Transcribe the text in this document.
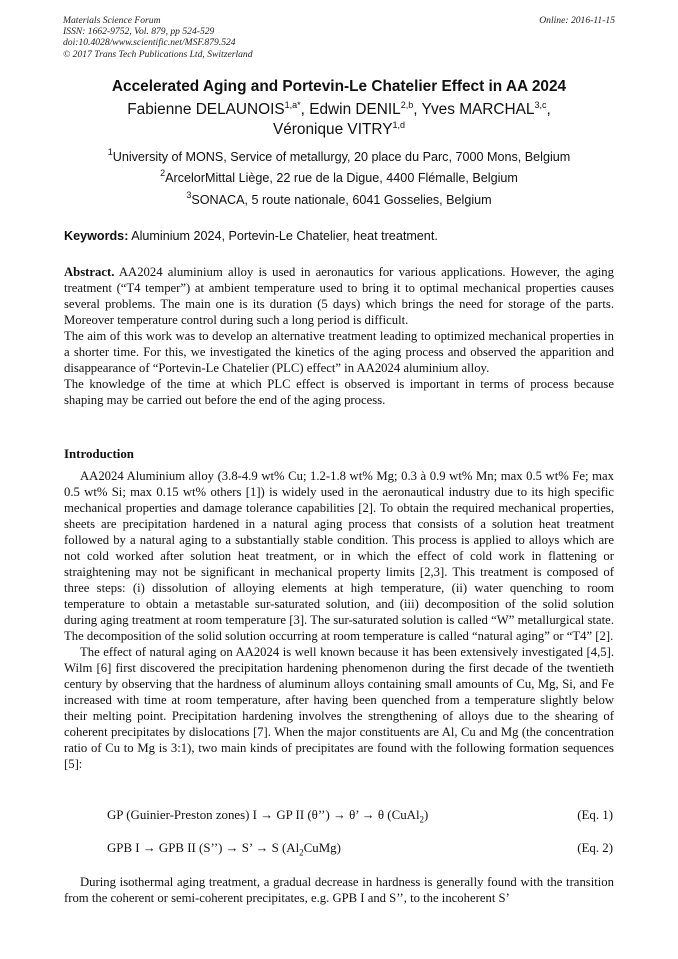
Materials Science Forum	Online: 2016-11-15
ISSN: 1662-9752, Vol. 879, pp 524-529
doi:10.4028/www.scientific.net/MSF.879.524
© 2017 Trans Tech Publications Ltd, Switzerland
Accelerated Aging and Portevin-Le Chatelier Effect in AA 2024
Fabienne $DELAUNOIS^{1,a*}$, Edwin DENIL$^{2,b}$, Yves MARCHAL$^{3,c}$,
Véronique VITRY$^{1,d}$
$^1$University of MONS, Service of metallurgy, 20 place du Parc, 7000 Mons, Belgium
$^2$ArcelorMittal Liège, 22 rue de la Digue, 4400 Flémalle, Belgium
$^3$SONACA, 5 route nationale, 6041 Gosselies, Belgium
Keywords: Aluminium 2024, Portevin-Le Chatelier, heat treatment.

Abstract. AA2024 aluminium alloy is used in aeronautics for various applications. However, the aging treatment (“T4 temper”) at ambient temperature used to bring it to optimal mechanical properties causes several problems. The main one is its duration (5 days) which brings the need for storage of the parts. Moreover temperature control during such a long period is difficult.

The aim of this work was to develop an alternative treatment leading to optimized mechanical properties in a shorter time. For this, we investigated the kinetics of the aging process and observed the apparition and disappearance of “Portevin-Le Chatelier (PLC) effect” in AA2024 aluminium alloy.

The knowledge of the time at which PLC effect is observed is important in terms of process because shaping may be carried out before the end of the aging process.

Introduction

AA2024 Aluminium alloy (3.8-4.9 wt% Cu; 1.2-1.8 wt% Mg; 0.3 à 0.9 wt% Mn; max 0.5 wt% Fe; max 0.5 wt% Si; max 0.15 wt% others [1]) is widely used in the aeronautical industry due to its high specific mechanical properties and damage tolerance capabilities [2]. To obtain the required mechanical properties, sheets are precipitation hardened in a natural aging process that consists of a solution heat treatment followed by a natural aging to a substantially stable condition. This process is applied to alloys which are not cold worked after solution heat treatment, or in which the effect of cold work in flattening or straightening may not be significant in mechanical property limits [2,3]. This treatment is composed of three steps: (i) dissolution of alloying elements at high temperature, (ii) water quenching to room temperature to obtain a metastable sur-saturated solution, and (iii) decomposition of the solid solution during aging treatment at room temperature [3]. The sur-saturated solution is called “W” metallurgical state. The decomposition of the solid solution occurring at room temperature is called “natural aging” or “T4” [2].

The effect of natural aging on AA2024 is well known because it has been extensively investigated [4,5]. Wilm [6] first discovered the precipitation hardening phenomenon during the first decade of the twentieth century by observing that the hardness of aluminum alloys containing small amounts of Cu, Mg, Si, and Fe increased with time at room temperature, after having been quenched from a temperature slightly below their melting point. Precipitation hardening involves the strengthening of alloys due to the shearing of coherent precipitates by dislocations [7]. When the major constituents are Al, Cu and Mg (the concentration ratio of Cu to Mg is 3:1), two main kinds of precipitates are found with the following formation sequences [5]:

GP (Guinier-Preston zones) I → GP II (θ’’) → θ’ → θ (CuAl$_2$)	(Eq. 1)
GPB I → GPB II (S’’) → S’ → S $(Al_2CuMg)$	(Eq. 2)

During isothermal aging treatment, a gradual decrease in hardness is generally found with the transition from the coherent or semi-coherent precipitates, e.g. GPB I and S’’, to the incoherent S’
